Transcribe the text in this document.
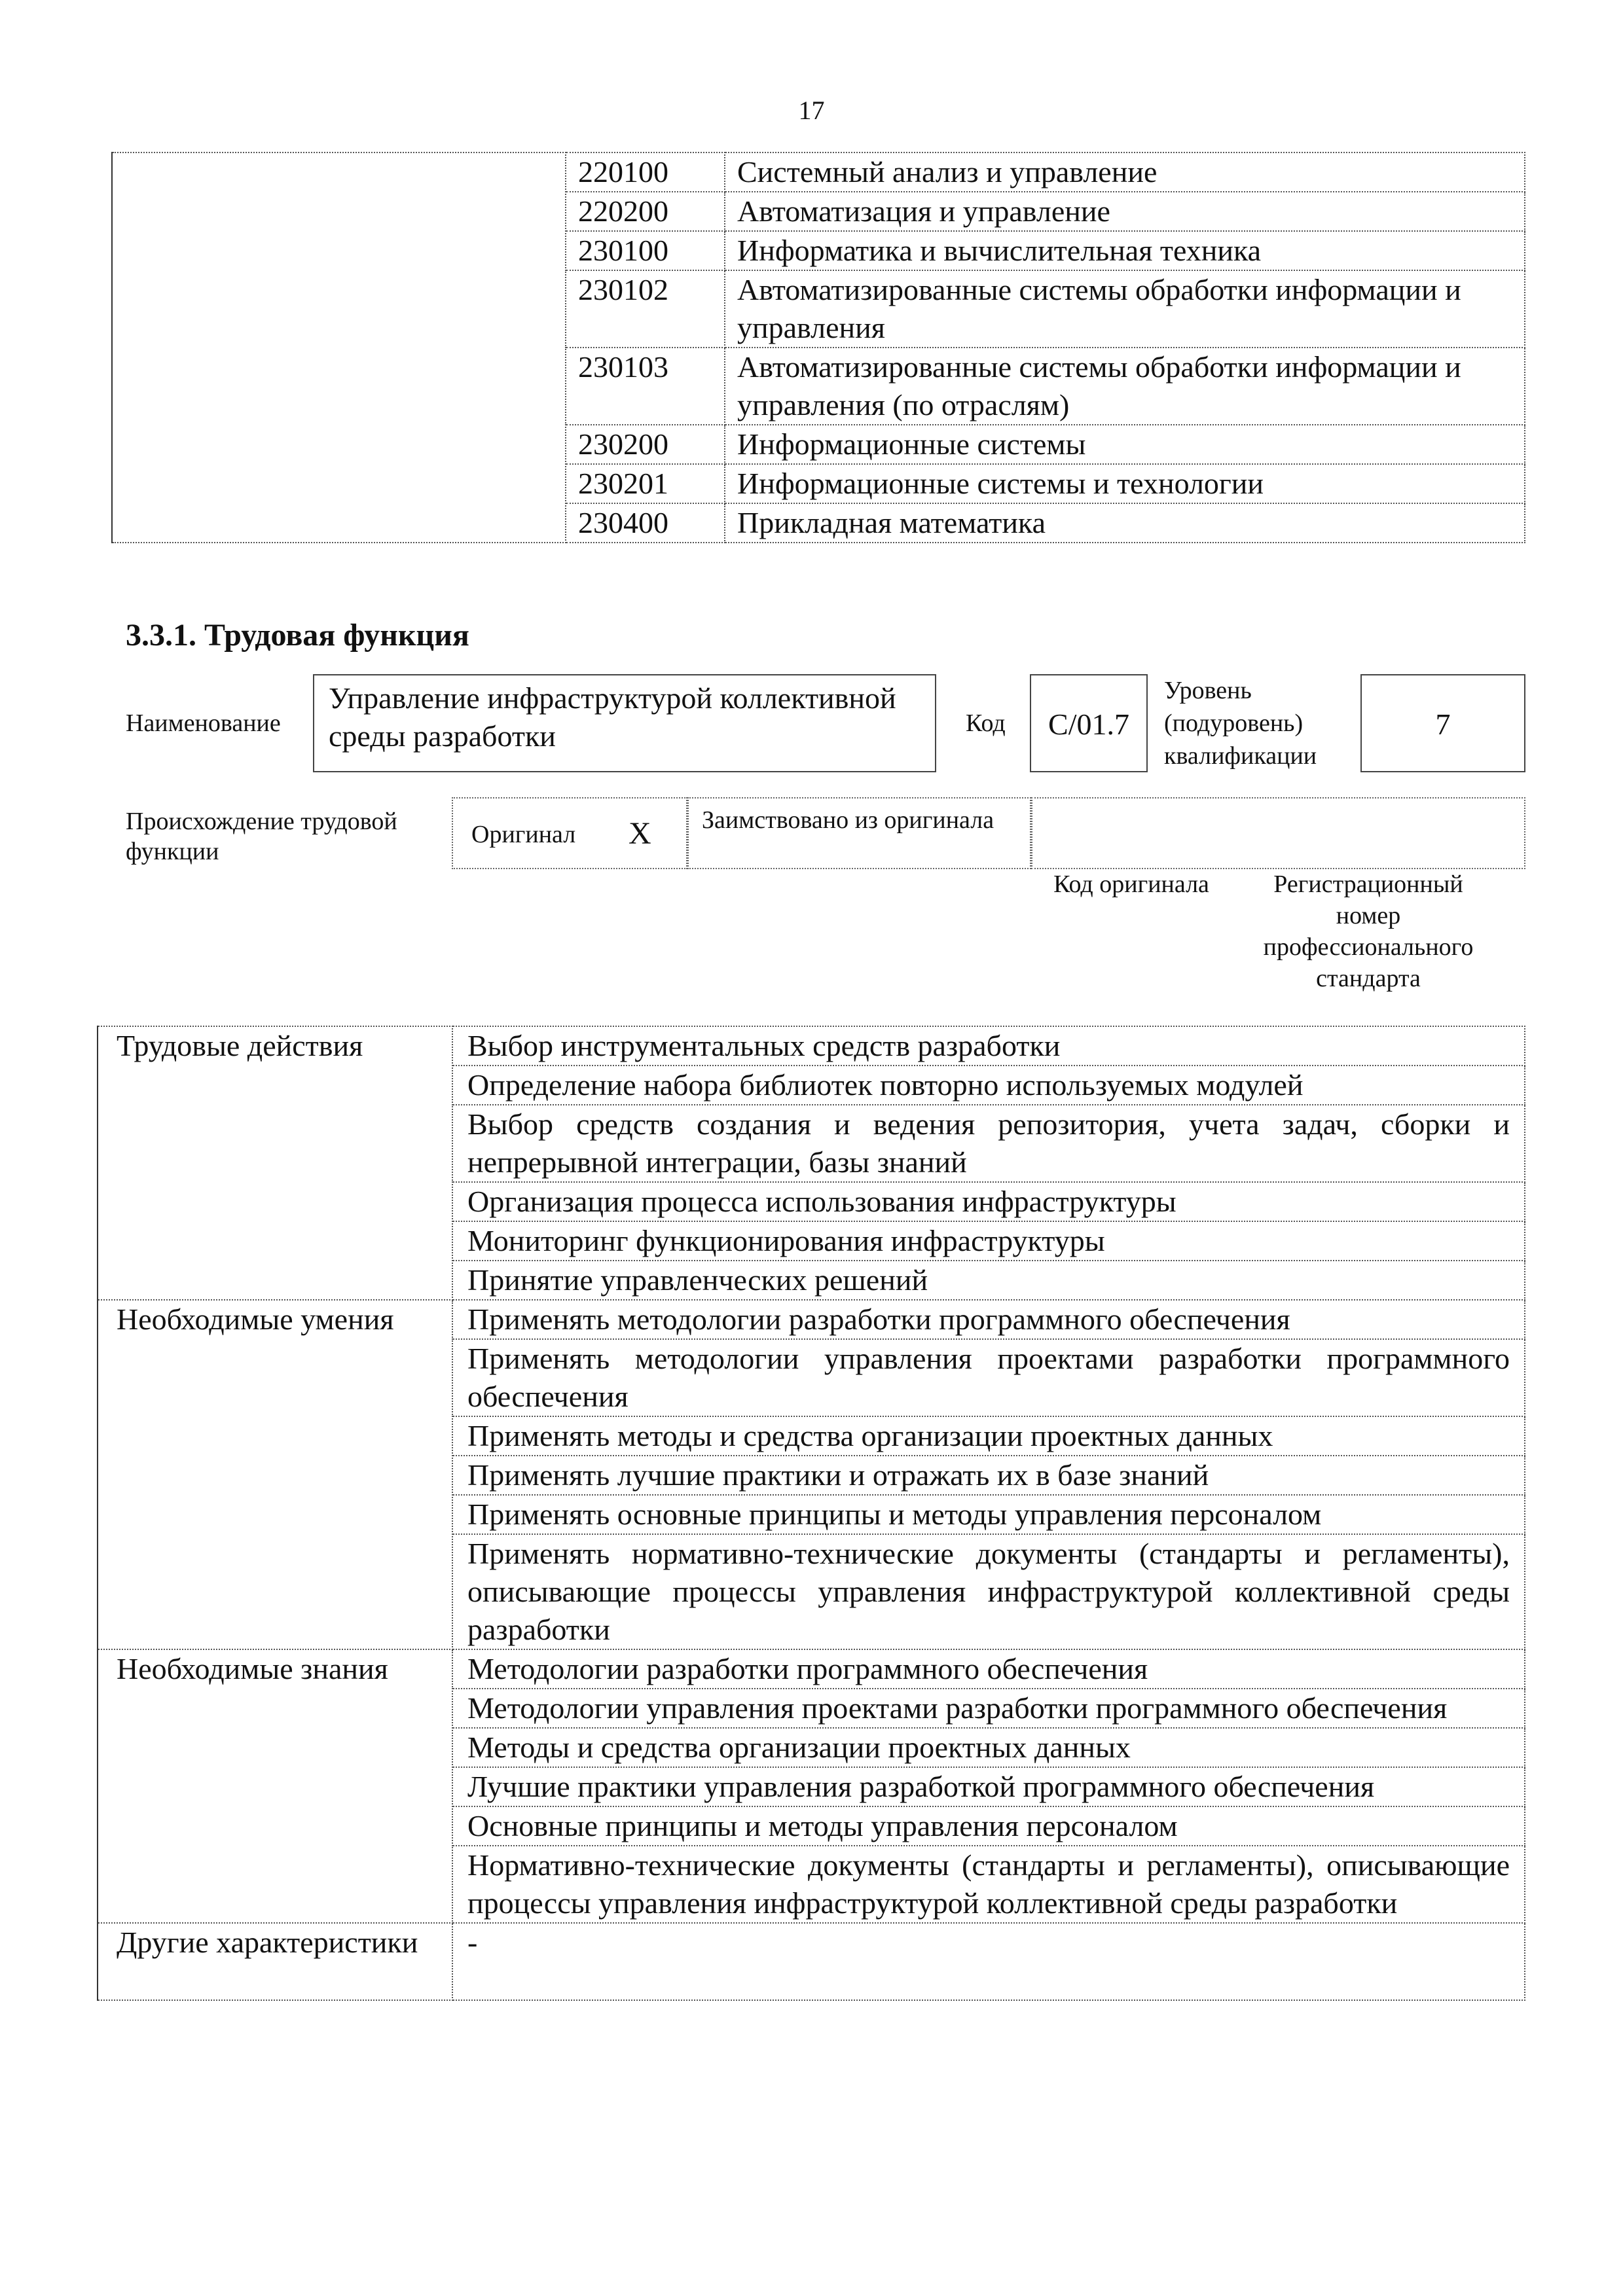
17
	220100	Системный анализ и управление
	220200	Автоматизация и управление
	230100	Информатика и вычислительная техника
	230102	Автоматизированные системы обработки информации и управления
	230103	Автоматизированные системы обработки информации и управления (по отраслям)
	230200	Информационные системы
	230201	Информационные системы и технологии
	230400	Прикладная математика
3.3.1. Трудовая функция
Наименование
Управление инфраструктурой коллективной среды разработки	Код	C/01.7
Уровень (подуровень) квалификации
7
Происхождение трудовой функции
Оригинал X Заимствовано из оригинала
Код оригинала	Регистрационный номер профессионального стандарта
Трудовые действия	Выбор инструментальных средств разработки
	Определение набора библиотек повторно используемых модулей
	Выбор средств создания и ведения репозитория, учета задач, сборки и непрерывной интеграции, базы знаний
	Организация процесса использования инфраструктуры
	Мониторинг функционирования инфраструктуры
	Принятие управленческих решений
Необходимые умения	Применять методологии разработки программного обеспечения
	Применять методологии управления проектами разработки программного обеспечения
	Применять методы и средства организации проектных данных
	Применять лучшие практики и отражать их в базе знаний
	Применять основные принципы и методы управления персоналом
	Применять нормативно-технические документы (стандарты и регламенты), описывающие процессы управления инфраструктурой коллективной среды разработки
Необходимые знания	Методологии разработки программного обеспечения
	Методологии управления проектами разработки программного обеспечения
	Методы и средства организации проектных данных
	Лучшие практики управления разработкой программного обеспечения
	Основные принципы и методы управления персоналом
	Нормативно-технические документы (стандарты и регламенты), описывающие процессы управления инфраструктурой коллективной среды разработки
Другие характеристики	-
